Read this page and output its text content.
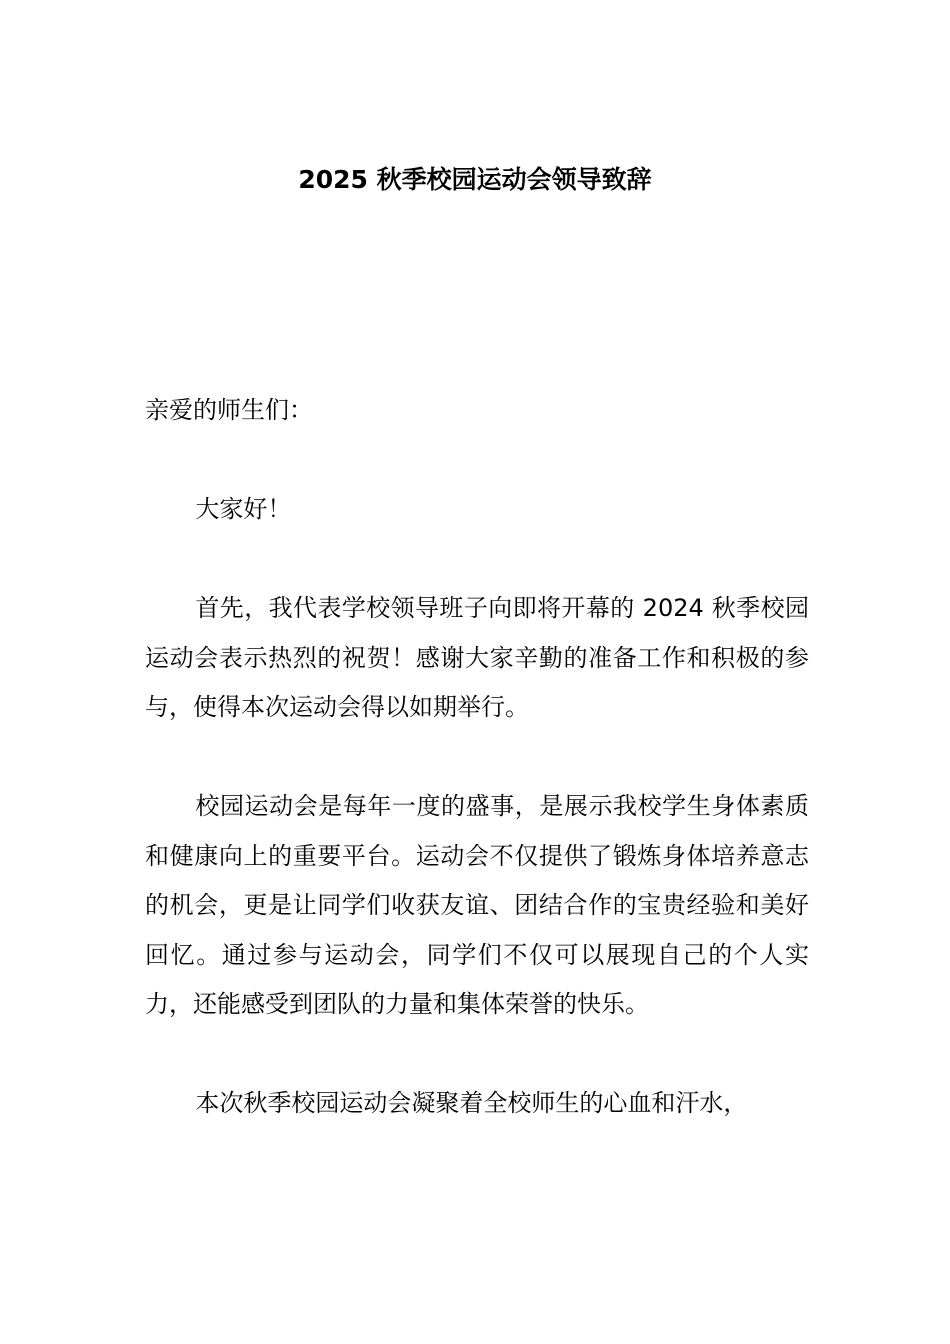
2025 秋季校园运动会领导致辞

亲爱的师生们：

大家好！

首先，我代表学校领导班子向即将开幕的 2024 秋季校园运动会表示热烈的祝贺！感谢大家辛勤的准备工作和积极的参与，使得本次运动会得以如期举行。

校园运动会是每年一度的盛事，是展示我校学生身体素质和健康向上的重要平台。运动会不仅提供了锻炼身体培养意志的机会，更是让同学们收获友谊、团结合作的宝贵经验和美好回忆。通过参与运动会，同学们不仅可以展现自己的个人实力，还能感受到团队的力量和集体荣誉的快乐。

本次秋季校园运动会凝聚着全校师生的心血和汗水，
